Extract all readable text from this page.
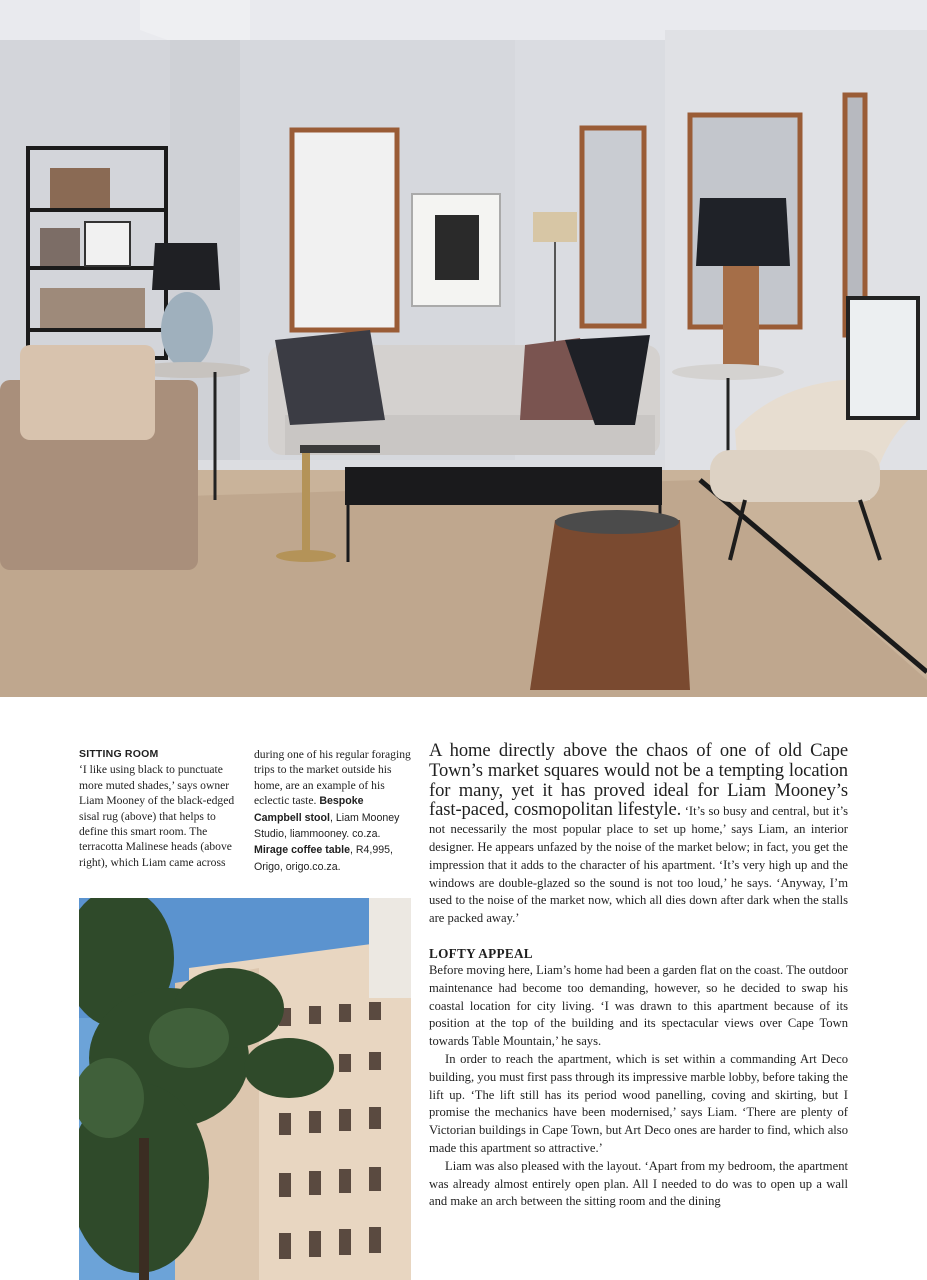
SITTING ROOM
‘I like using black to punctuate more muted shades,’ says owner Liam Mooney of the black-edged sisal rug (above) that helps to define this smart room. The terracotta Malinese heads (above right), which Liam came across
during one of his regular foraging trips to the market outside his home, are an example of his eclectic taste. Bespoke Campbell stool, Liam Mooney Studio, liammooney. co.za. Mirage coffee table, R4,995, Origo, origo.co.za.

A home directly above the chaos of one of old Cape Town’s market squares would not be a tempting location for many, yet it has proved ideal for Liam Mooney’s fast-paced, cosmopolitan lifestyle. ‘It’s so busy and central, but it’s not necessarily the most popular place to set up home,’ says Liam, an interior designer. He appears unfazed by the noise of the market below; in fact, you get the impression that it adds to the character of his apartment. ‘It’s very high up and the windows are double-glazed so the sound is not too loud,’ he says. ‘Anyway, I’m used to the noise of the market now, which all dies down after dark when the stalls are packed away.’

LOFTY APPEAL

Before moving here, Liam’s home had been a garden flat on the coast. The outdoor maintenance had become too demanding, however, so he decided to swap his coastal location for city living. ‘I was drawn to this apartment because of its position at the top of the building and its spectacular views over Cape Town towards Table Mountain,’ he says.

In order to reach the apartment, which is set within a commanding Art Deco building, you must first pass through its impressive marble lobby, before taking the lift up. ‘The lift still has its period wood panelling, coving and skirting, but I promise the mechanics have been modernised,’ says Liam. ‘There are plenty of Victorian buildings in Cape Town, but Art Deco ones are harder to find, which also made this apartment so attractive.’

Liam was also pleased with the layout. ‘Apart from my bedroom, the apartment was already almost entirely open plan. All I needed to do was to open up a wall and make an arch between the sitting room and the dining
